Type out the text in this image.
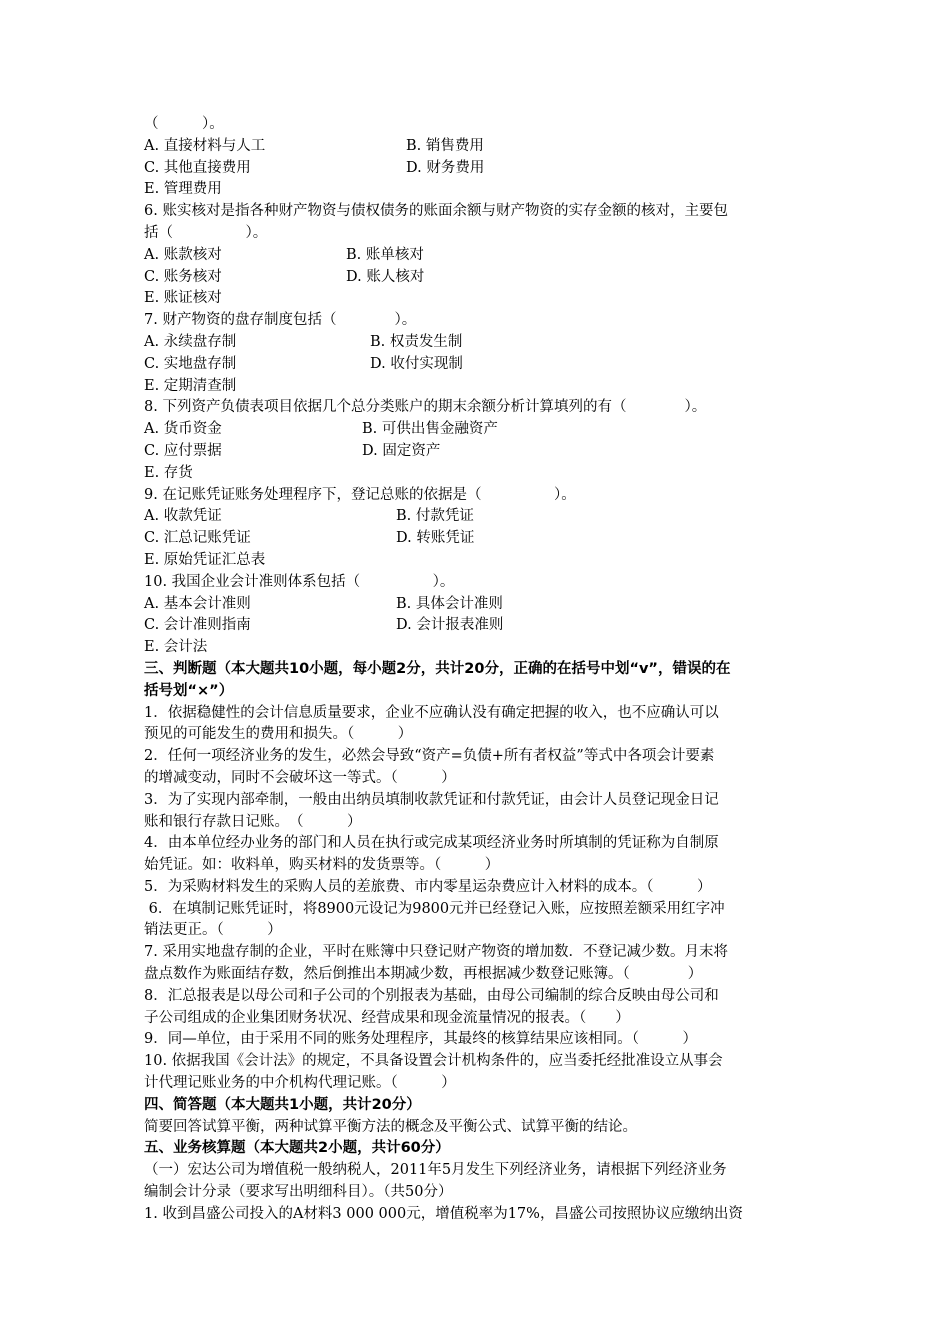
（　　　）。
A. 直接材料与人工	B. 销售费用
C. 其他直接费用	D. 财务费用
E. 管理费用
6. 账实核对是指各种财产物资与债权债务的账面余额与财产物资的实存金额的核对，主要包
括（　　　　　）。
A. 账款核对	B. 账单核对
C. 账务核对	D. 账人核对
E. 账证核对
7. 财产物资的盘存制度包括（　　　　）。
A. 永续盘存制	B. 权责发生制
C. 实地盘存制	D. 收付实现制
E. 定期清查制
8. 下列资产负债表项目依据几个总分类账户的期末余额分析计算填列的有（　　　　）。
A. 货币资金	B. 可供出售金融资产
C. 应付票据	D. 固定资产
E. 存货
9. 在记账凭证账务处理程序下，登记总账的依据是（　　　　　）。
A. 收款凭证	B. 付款凭证
C. 汇总记账凭证	D. 转账凭证
E. 原始凭证汇总表
10. 我国企业会计准则体系包括（　　　　　）。
A. 基本会计准则	B. 具体会计准则
C. 会计准则指南	D. 会计报表准则
E. 会计法
三、判断题（本大题共10小题，每小题2分，共计20分，正确的在括号中划“v”，错误的在
括号划“×”）
1．依据稳健性的会计信息质量要求，企业不应确认没有确定把握的收入，也不应确认可以
预见的可能发生的费用和损失。（　　　）
2．任何一项经济业务的发生，必然会导致“资产=负债+所有者权益”等式中各项会计要素
的增减变动，同时不会破坏这一等式。（　　　）
3．为了实现内部牵制，一般由出纳员填制收款凭证和付款凭证，由会计人员登记现金日记
账和银行存款日记账。　（　　　）
4．由本单位经办业务的部门和人员在执行或完成某项经济业务时所填制的凭证称为自制原
始凭证。如：收料单，购买材料的发货票等。（　　　）
5．为采购材料发生的采购人员的差旅费、市内零星运杂费应计入材料的成本。（　　　）
6．在填制记账凭证时，将8900元设记为9800元并已经登记入账，应按照差额采用红字冲
销法更正。（　　　）
7. 采用实地盘存制的企业，平时在账簿中只登记财产物资的增加数．不登记减少数。月末将
盘点数作为账面结存数，然后倒推出本期减少数，再根据减少数登记账簿。（　　　　）
8．汇总报表是以母公司和子公司的个别报表为基础，由母公司编制的综合反映由母公司和
子公司组成的企业集团财务状况、经营成果和现金流量情况的报表。（　　）
9．同—单位，由于采用不同的账务处理程序，其最终的核算结果应该相同。（　　　）
10. 依据我国《会计法》的规定，不具备设置会计机构条件的，应当委托经批准设立从事会
计代理记账业务的中介机构代理记账。（　　　）
四、简答题（本大题共1小题，共计20分）
简要回答试算平衡，两种试算平衡方法的概念及平衡公式、试算平衡的结论。
五、业务核算题（本大题共2小题，共计60分）
（一）宏达公司为增值税一般纳税人，2011年5月发生下列经济业务，请根据下列经济业务
编制会计分录（要求写出明细科目）。（共50分）
1. 收到昌盛公司投入的A材料3 000 000元，增值税率为17%，昌盛公司按照协议应缴纳出资
